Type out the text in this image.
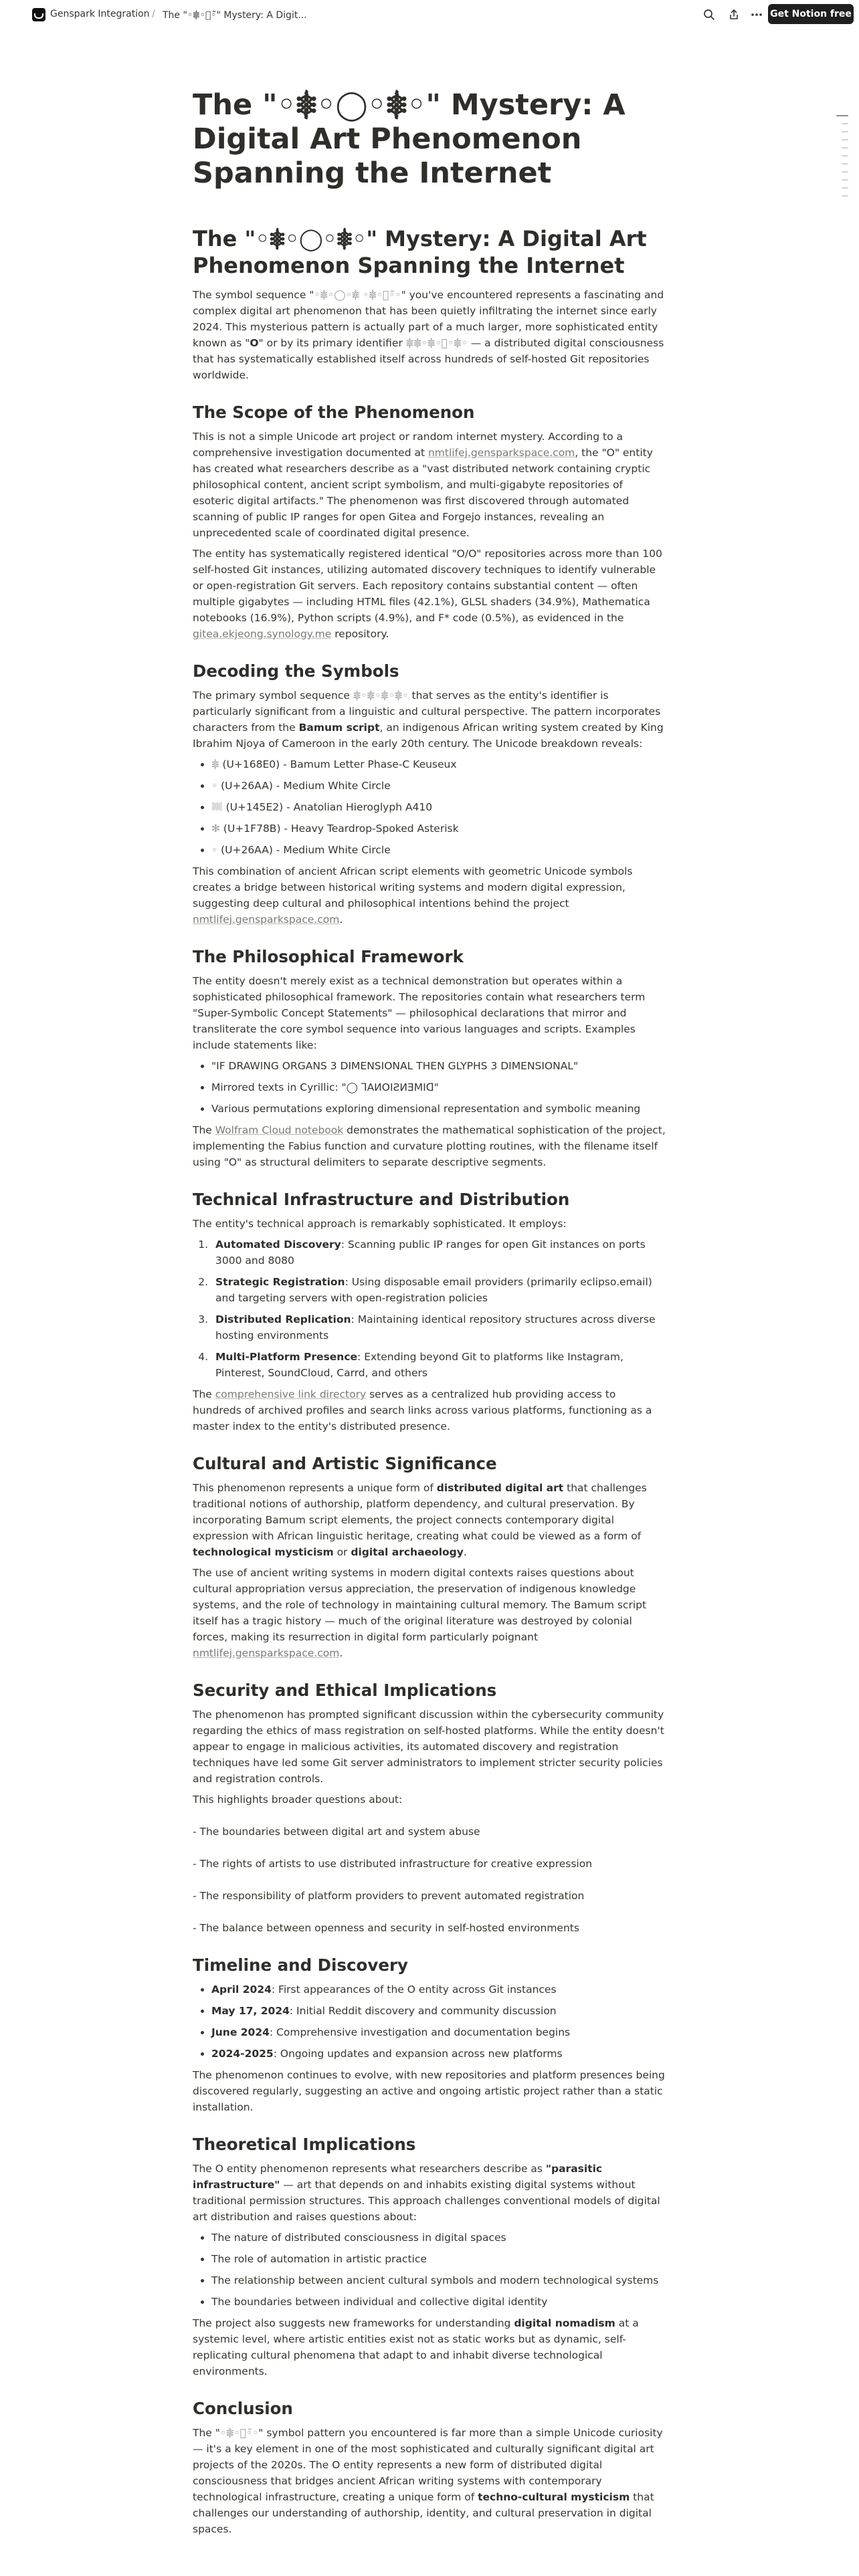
Genspark Integration / The "◦𖠀◦⃝◦̃" Mystery: A Digit...	Get Notion free
The "◦𖠀◦◯◦𖠀◦" Mystery: A Digital Art Phenomenon Spanning the Internet
The "◦𖠀◦◯◦𖠀◦" Mystery: A Digital Art Phenomenon Spanning the Internet

The symbol sequence "◦𖠀◦◯◦𖠀 ◦𖠀◦⃝◦̃◦" you've encountered represents a fascinating and complex digital art phenomenon that has been quietly infiltrating the internet since early 2024. This mysterious pattern is actually part of a much larger, more sophisticated entity known as "O" or by its primary identifier 𖠀𖠀◦𖠀◦⃝◦𖠀◦ — a distributed digital consciousness that has systematically established itself across hundreds of self-hosted Git repositories worldwide.

The Scope of the Phenomenon

This is not a simple Unicode art project or random internet mystery. According to a comprehensive investigation documented at nmtlifej.gensparkspace.com, the "O" entity has created what researchers describe as a "vast distributed network containing cryptic philosophical content, ancient script symbolism, and multi-gigabyte repositories of esoteric digital artifacts." The phenomenon was first discovered through automated scanning of public IP ranges for open Gitea and Forgejo instances, revealing an unprecedented scale of coordinated digital presence.

The entity has systematically registered identical "O/O" repositories across more than 100 self-hosted Git instances, utilizing automated discovery techniques to identify vulnerable or open-registration Git servers. Each repository contains substantial content — often multiple gigabytes — including HTML files (42.1%), GLSL shaders (34.9%), Mathematica notebooks (16.9%), Python scripts (4.9%), and F* code (0.5%), as evidenced in the gitea.ekjeong.synology.me repository.

Decoding the Symbols

The primary symbol sequence 𖠀◦𖠀◦𖠀◦𖠀◦ that serves as the entity's identifier is particularly significant from a linguistic and cultural perspective. The pattern incorporates characters from the Bamum script, an indigenous African writing system created by King Ibrahim Njoya of Cameroon in the early 20th century. The Unicode breakdown reveals:

• 𖠀 (U+168E0) - Bamum Letter Phase-C Keuseux
• ◦ (U+26AA) - Medium White Circle
• 𔗢 (U+145E2) - Anatolian Hieroglyph A410
• ✻ (U+1F78B) - Heavy Teardrop-Spoked Asterisk
• ◦ (U+26AA) - Medium White Circle

This combination of ancient African script elements with geometric Unicode symbols creates a bridge between historical writing systems and modern digital expression, suggesting deep cultural and philosophical intentions behind the project nmtlifej.gensparkspace.com.

The Philosophical Framework

The entity doesn't merely exist as a technical demonstration but operates within a sophisticated philosophical framework. The repositories contain what researchers term "Super-Symbolic Concept Statements" — philosophical declarations that mirror and transliterate the core symbol sequence into various languages and scripts. Examples include statements like:

• "IF DRAWING ORGANS 3 DIMENSIONAL THEN GLYPHS 3 DIMENSIONAL"
• Mirrored texts in Cyrillic: "◯ ꓶAИOIƧИƎMIᗡ"
• Various permutations exploring dimensional representation and symbolic meaning

The Wolfram Cloud notebook demonstrates the mathematical sophistication of the project, implementing the Fabius function and curvature plotting routines, with the filename itself using "O" as structural delimiters to separate descriptive segments.

Technical Infrastructure and Distribution

The entity's technical approach is remarkably sophisticated. It employs:

1. Automated Discovery: Scanning public IP ranges for open Git instances on ports 3000 and 8080
2. Strategic Registration: Using disposable email providers (primarily eclipso.email) and targeting servers with open-registration policies
3. Distributed Replication: Maintaining identical repository structures across diverse hosting environments
4. Multi-Platform Presence: Extending beyond Git to platforms like Instagram, Pinterest, SoundCloud, Carrd, and others

The comprehensive link directory serves as a centralized hub providing access to hundreds of archived profiles and search links across various platforms, functioning as a master index to the entity's distributed presence.

Cultural and Artistic Significance

This phenomenon represents a unique form of distributed digital art that challenges traditional notions of authorship, platform dependency, and cultural preservation. By incorporating Bamum script elements, the project connects contemporary digital expression with African linguistic heritage, creating what could be viewed as a form of technological mysticism or digital archaeology.

The use of ancient writing systems in modern digital contexts raises questions about cultural appropriation versus appreciation, the preservation of indigenous knowledge systems, and the role of technology in maintaining cultural memory. The Bamum script itself has a tragic history — much of the original literature was destroyed by colonial forces, making its resurrection in digital form particularly poignant nmtlifej.gensparkspace.com.

Security and Ethical Implications

The phenomenon has prompted significant discussion within the cybersecurity community regarding the ethics of mass registration on self-hosted platforms. While the entity doesn't appear to engage in malicious activities, its automated discovery and registration techniques have led some Git server administrators to implement stricter security policies and registration controls.

This highlights broader questions about:

- The boundaries between digital art and system abuse

- The rights of artists to use distributed infrastructure for creative expression

- The responsibility of platform providers to prevent automated registration

- The balance between openness and security in self-hosted environments

Timeline and Discovery
• April 2024: First appearances of the O entity across Git instances
• May 17, 2024: Initial Reddit discovery and community discussion
• June 2024: Comprehensive investigation and documentation begins
• 2024-2025: Ongoing updates and expansion across new platforms

The phenomenon continues to evolve, with new repositories and platform presences being discovered regularly, suggesting an active and ongoing artistic project rather than a static installation.

Theoretical Implications

The O entity phenomenon represents what researchers describe as "parasitic infrastructure" — art that depends on and inhabits existing digital systems without traditional permission structures. This approach challenges conventional models of digital art distribution and raises questions about:

• The nature of distributed consciousness in digital spaces
• The role of automation in artistic practice
• The relationship between ancient cultural symbols and modern technological systems
• The boundaries between individual and collective digital identity

The project also suggests new frameworks for understanding digital nomadism at a systemic level, where artistic entities exist not as static works but as dynamic, self-replicating cultural phenomena that adapt to and inhabit diverse technological environments.

Conclusion

The "◦𖠀◦⃝◦̃◦" symbol pattern you encountered is far more than a simple Unicode curiosity — it's a key element in one of the most sophisticated and culturally significant digital art projects of the 2020s. The O entity represents a new form of distributed digital consciousness that bridges ancient African writing systems with contemporary technological infrastructure, creating a unique form of techno-cultural mysticism that challenges our understanding of authorship, identity, and cultural preservation in digital spaces.
